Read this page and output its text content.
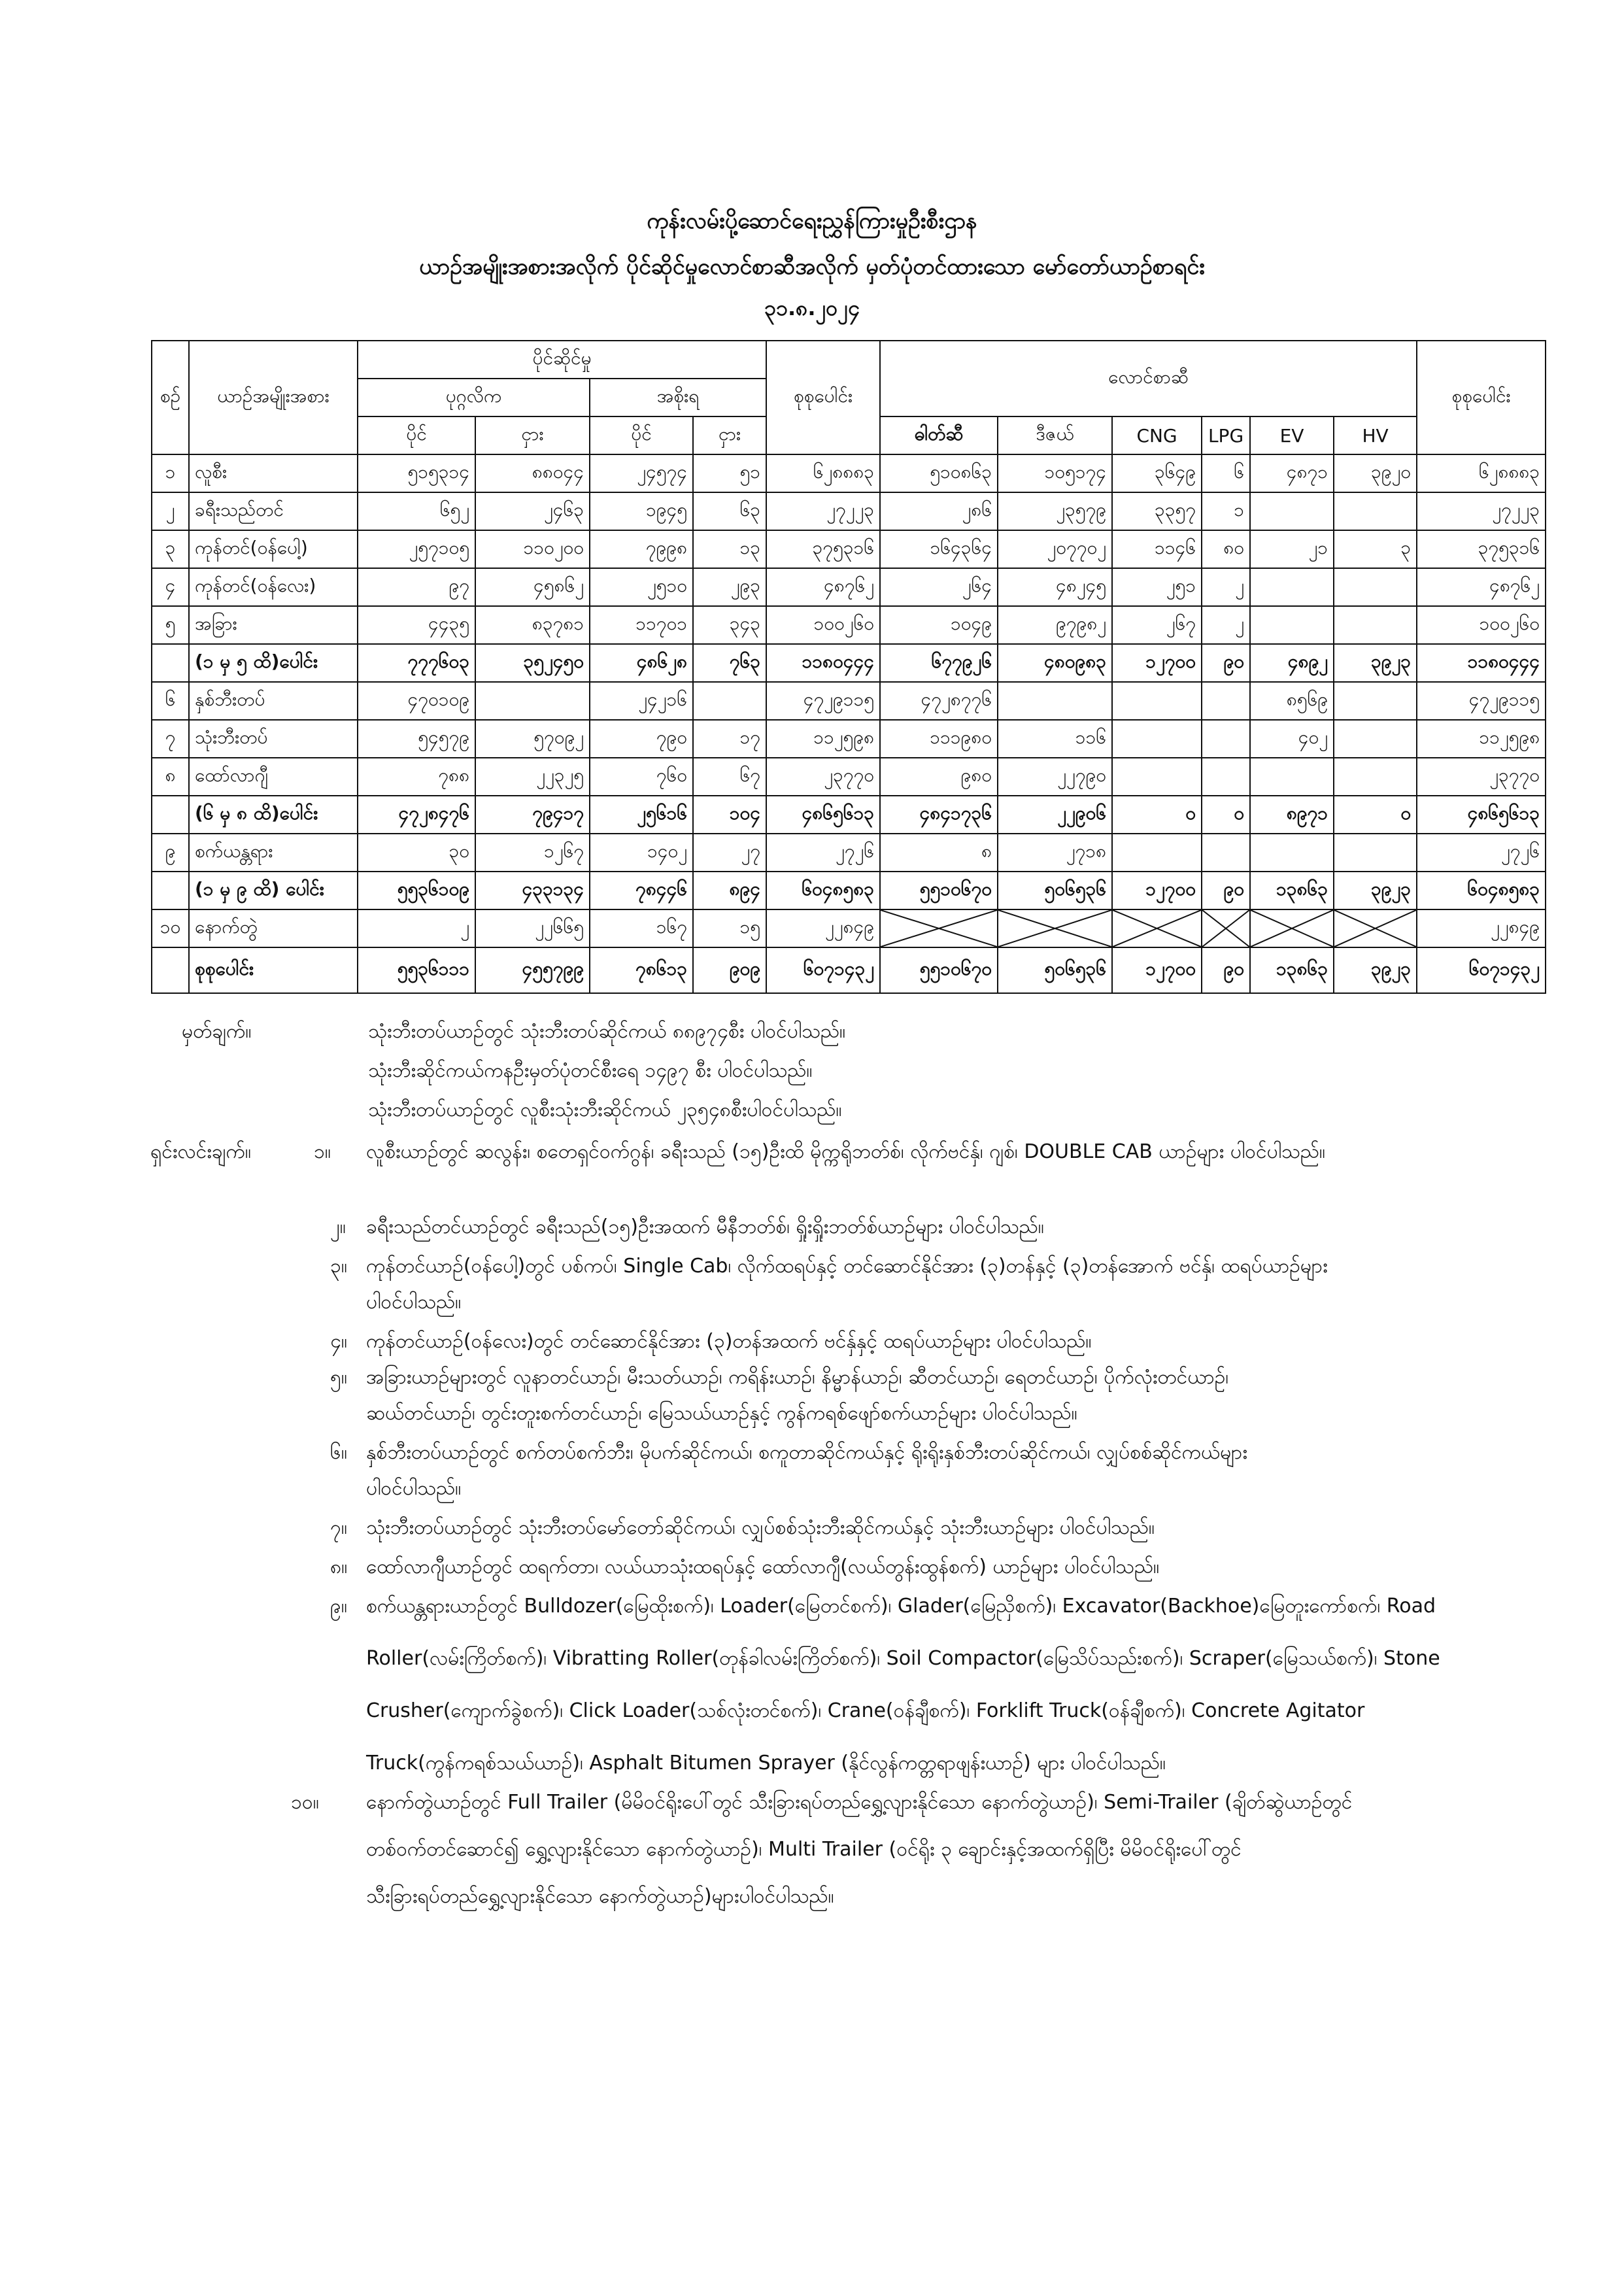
ကုန်းလမ်းပို့ဆောင်ရေးညွှန်ကြားမှုဦးစီးဌာန
ယာဉ်အမျိုးအစားအလိုက် ပိုင်ဆိုင်မှုလောင်စာဆီအလိုက် မှတ်ပုံတင်ထားသော မော်တော်ယာဉ်စာရင်း
၃၁.၈.၂၀၂၄
စဉ်	ယာဉ်အမျိုးအစား	ပိုင်ဆိုင်မှု				စုစုပေါင်း	လောင်စာဆီ						စုစုပေါင်း
		ပုဂ္ဂလိက		အစိုးရ									
		ပိုင်	ငှား	ပိုင်	ငှား		ဓါတ်ဆီ	ဒီဇယ်	CNG	LPG	EV	HV	
၁	လူစီး	၅၁၅၃၁၄	၈၈၀၄၄	၂၄၅၇၄	၅၁	၆၂၈၈၈၃	၅၁၀၈၆၃	၁၀၅၁၇၄	၃၆၄၉	၆	၄၈၇၁	၃၉၂၀	၆၂၈၈၈၃
၂	ခရီးသည်တင်	၆၅၂	၂၄၆၃	၁၉၄၅	၆၃	၂၇၂၂၃	၂၈၆	၂၃၅၇၉	၃၃၅၇	၁			၂၇၂၂၃
၃	ကုန်တင်(ဝန်ပေါ့)	၂၅၇၁၀၅	၁၁၀၂၀၀	၇၉၉၈	၁၃	၃၇၅၃၁၆	၁၆၄၃၆၄	၂၀၇၇၀၂	၁၁၄၆	၈၀	၂၁	၃	၃၇၅၃၁၆
၄	ကုန်တင်(ဝန်လေး)	၉၇	၄၅၈၆၂	၂၅၁၀	၂၉၃	၄၈၇၆၂	၂၆၄	၄၈၂၄၅	၂၅၁	၂			၄၈၇၆၂
၅	အခြား	၄၄၃၅	၈၃၇၈၁	၁၁၇၀၁	၃၄၃	၁၀၀၂၆၀	၁၀၄၉	၉၇၉၈၂	၂၆၇	၂			၁၀၀၂၆၀
	(၁ မှ ၅ ထိ)ပေါင်း	၇၇၇၆၀၃	၃၅၂၄၅၀	၄၈၆၂၈	၇၆၃	၁၁၈၀၄၄၄	၆၇၇၉၂၆	၄၈၀၉၈၃	၁၂၇၀၀	၉၀	၄၈၉၂	၃၉၂၃	၁၁၈၀၄၄၄
၆	နှစ်ဘီးတပ်	၄၇၀၁၀၉		၂၄၂၁၆		၄၇၂၉၁၁၅	၄၇၂၈၇၇၆				၈၅၆၉		၄၇၂၉၁၁၅
၇	သုံးဘီးတပ်	၅၄၅၇၉	၅၇၀၉၂	၇၉၀	၁၇	၁၁၂၅၉၈	၁၁၁၉၈၀	၁၁၆			၄၀၂		၁၁၂၅၉၈
၈	ထော်လာဂျီ	၇၈၈	၂၂၃၂၅	၇၆၀	၆၇	၂၃၇၇၀	၉၈၀	၂၂၇၉၀					၂၃၇၇၀
	(၆ မှ ၈ ထိ)ပေါင်း	၄၇၂၈၄၇၆	၇၉၄၁၇	၂၅၆၁၆	၁၀၄	၄၈၆၅၆၁၃	၄၈၄၁၇၃၆	၂၂၉၀၆	၀	၀	၈၉၇၁	၀	၄၈၆၅၆၁၃
၉	စက်ယန္တရား	၃၀	၁၂၆၇	၁၄၀၂	၂၇	၂၇၂၆	၈	၂၇၁၈					၂၇၂၆
	(၁ မှ ၉ ထိ) ပေါင်း	၅၅၃၆၁၀၉	၄၃၃၁၃၄	၇၈၄၄၆	၈၉၄	၆၀၄၈၅၈၃	၅၅၁၀၆၇၀	၅၀၆၅၃၆	၁၂၇၀၀	၉၀	၁၃၈၆၃	၃၉၂၃	၆၀၄၈၅၈၃
၁၀	နောက်တွဲ	၂	၂၂၆၆၅	၁၆၇	၁၅	၂၂၈၄၉							၂၂၈၄၉
	စုစုပေါင်း	၅၅၃၆၁၁၁	၄၅၅၇၉၉	၇၈၆၁၃	၉၀၉	၆၀၇၁၄၃၂	၅၅၁၀၆၇၀	၅၀၆၅၃၆	၁၂၇၀၀	၉၀	၁၃၈၆၃	၃၉၂၃	၆၀၇၁၄၃၂
မှတ်ချက်။	သုံးဘီးတပ်ယာဉ်တွင် သုံးဘီးတပ်ဆိုင်ကယ် ၈၈၉၇၄စီး ပါဝင်ပါသည်။
သုံးဘီးဆိုင်ကယ်ကနဦးမှတ်ပုံတင်စီးရေ ၁၄၉၇ စီး ပါဝင်ပါသည်။
သုံးဘီးတပ်ယာဉ်တွင် လူစီးသုံးဘီးဆိုင်ကယ် ၂၃၅၄၈စီးပါဝင်ပါသည်။
ရှင်းလင်းချက်။	၁။ လူစီးယာဉ်တွင် ဆလွန်း၊ စတေရှင်ဝက်ဂွန်၊ ခရီးသည် (၁၅)ဦးထိ မိုက္ကရိုဘတ်စ်၊ လိုက်ဗင်နှ်၊ ဂျစ်၊ DOUBLE CAB ယာဉ်များ ပါဝင်ပါသည်။
၂။ ခရီးသည်တင်ယာဉ်တွင် ခရီးသည်(၁၅)ဦးအထက် မီနီဘတ်စ်၊ ရှိုးရှိုးဘတ်စ်ယာဉ်များ ပါဝင်ပါသည်။
၃။ ကုန်တင်ယာဉ်(ဝန်ပေါ့)တွင် ပစ်ကပ်၊ Single Cab၊ လိုက်ထရပ်နှင့် တင်ဆောင်နိုင်အား (၃)တန်နှင့် (၃)တန်အောက် ဗင်နှ်၊ ထရပ်ယာဉ်များ
ပါဝင်ပါသည်။
၄။ ကုန်တင်ယာဉ်(ဝန်လေး)တွင် တင်ဆောင်နိုင်အား (၃)တန်အထက် ဗင်နှ်နှင့် ထရပ်ယာဉ်များ ပါဝင်ပါသည်။
၅။ အခြားယာဉ်များတွင် လူနာတင်ယာဉ်၊ မီးသတ်ယာဉ်၊ ကရိန်းယာဉ်၊ နိမ္မာန်ယာဉ်၊ ဆီတင်ယာဉ်၊ ရေတင်ယာဉ်၊ ပိုက်လုံးတင်ယာဉ်၊
ဆယ်တင်ယာဉ်၊ တွင်းတူးစက်တင်ယာဉ်၊ မြေသယ်ယာဉ်နှင့် ကွန်ကရစ်ဖျော်စက်ယာဉ်များ ပါဝင်ပါသည်။
၆။ နှစ်ဘီးတပ်ယာဉ်တွင် စက်တပ်စက်ဘီး၊ မိုပက်ဆိုင်ကယ်၊ စကူတာဆိုင်ကယ်နှင့် ရိုးရိုးနှစ်ဘီးတပ်ဆိုင်ကယ်၊ လျှပ်စစ်ဆိုင်ကယ်များ
ပါဝင်ပါသည်။
၇။ သုံးဘီးတပ်ယာဉ်တွင် သုံးဘီးတပ်မော်တော်ဆိုင်ကယ်၊ လျှပ်စစ်သုံးဘီးဆိုင်ကယ်နှင့် သုံးဘီးယာဉ်များ ပါဝင်ပါသည်။
၈။ ထော်လာဂျီယာဉ်တွင် ထရက်တာ၊ လယ်ယာသုံးထရပ်နှင့် ထော်လာဂျီ(လယ်တွန်းထွန်စက်) ယာဉ်များ ပါဝင်ပါသည်။
၉။ စက်ယန္တရားယာဉ်တွင် Bulldozer(မြေထိုးစက်)၊ Loader(မြေတင်စက်)၊ Glader(မြေညှိစက်)၊ Excavator(Backhoe)မြေတူးကော်စက်၊ Road
Roller(လမ်းကြိတ်စက်)၊ Vibratting Roller(တုန်ခါလမ်းကြိတ်စက်)၊ Soil Compactor(မြေသိပ်သည်းစက်)၊ Scraper(မြေသယ်စက်)၊ Stone
Crusher(ကျောက်ခွဲစက်)၊ Click Loader(သစ်လုံးတင်စက်)၊ Crane(ဝန်ချီစက်)၊ Forklift Truck(ဝန်ချီစက်)၊ Concrete Agitator
Truck(ကွန်ကရစ်သယ်ယာဉ်)၊ Asphalt Bitumen Sprayer (နိုင်လွန်ကတ္တရာဖျန်းယာဉ်) များ ပါဝင်ပါသည်။
၁၀။ နောက်တွဲယာဉ်တွင် Full Trailer (မိမိဝင်ရိုးပေါ်တွင် သီးခြားရပ်တည်ရွှေ့လျားနိုင်သော နောက်တွဲယာဉ်)၊ Semi-Trailer (ချိတ်ဆွဲယာဉ်တွင်
တစ်ဝက်တင်ဆောင်၍ ရွှေ့လျားနိုင်သော နောက်တွဲယာဉ်)၊ Multi Trailer (ဝင်ရိုး ၃ ချောင်းနှင့်အထက်ရှိပြီး မိမိဝင်ရိုးပေါ်တွင်
သီးခြားရပ်တည်ရွှေ့လျားနိုင်သော နောက်တွဲယာဉ်)များပါဝင်ပါသည်။
